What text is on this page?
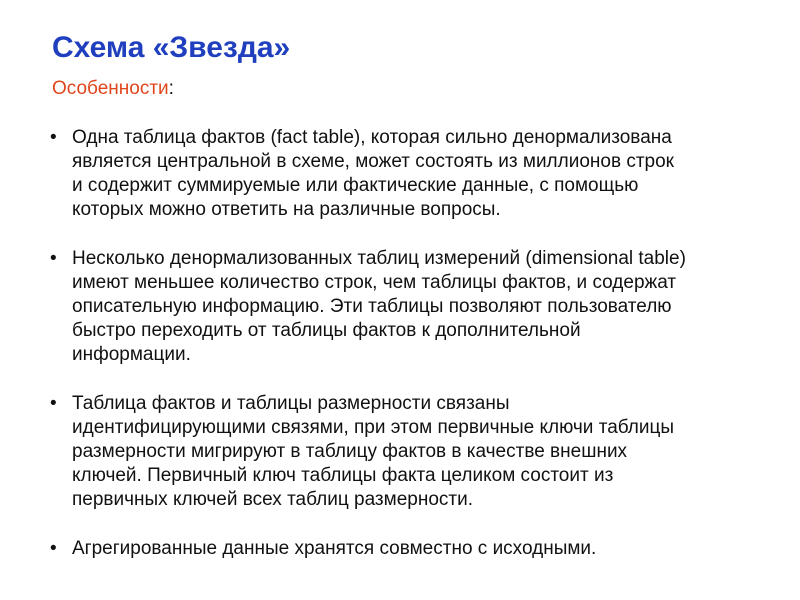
Схема «Звезда»

Особенности:

• Одна таблица фактов (fact table), которая сильно денормализована
является центральной в схеме, может состоять из миллионов строк
и содержит суммируемые или фактические данные, с помощью
которых можно ответить на различные вопросы.
• Несколько денормализованных таблиц измерений (dimensional table)
имеют меньшее количество строк, чем таблицы фактов, и содержат
описательную информацию. Эти таблицы позволяют пользователю
быстро переходить от таблицы фактов к дополнительной
информации.
• Таблица фактов и таблицы размерности связаны
идентифицирующими связями, при этом первичные ключи таблицы
размерности мигрируют в таблицу фактов в качестве внешних
ключей. Первичный ключ таблицы факта целиком состоит из
первичных ключей всех таблиц размерности.
• Агрегированные данные хранятся совместно с исходными.
